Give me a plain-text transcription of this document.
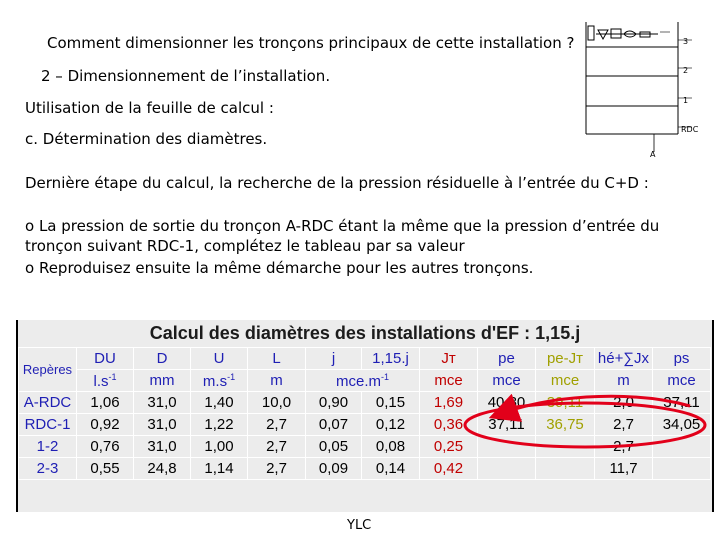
Comment dimensionner les tronçons principaux de cette installation ?
2 – Dimensionnement de l’installation.
Utilisation de la feuille de calcul :
c. Détermination des diamètres.
Dernière étape du calcul, la recherche de la pression résiduelle à l’entrée du C+D :
o La pression de sortie du tronçon A-RDC étant la même que la pression d’entrée du
tronçon suivant RDC-1, complétez le tableau par sa valeur
o Reproduisez ensuite la même démarche pour les autres tronçons.
3
2
1
RDC
A
Calcul des diamètres des installations d'EF : 1,15.j
Repères	DU	D	U	L	j	1,15.j	Jт	pe	pe-Jт	hé+∑Jx	ps
	$l.s^{-1}$	mm	$m.s^{-1}$	m	$mce.m^{-1}$		mce	mce	mce	m	mce
A-RDC	1,06	31,0	1,40	10,0	0,90	0,15	1,69	40,80	39,11	2,0	37,11
RDC-1	0,92	31,0	1,22	2,7	0,07	0,12	0,36	37,11	36,75	2,7	34,05
1-2	0,76	31,0	1,00	2,7	0,05	0,08	0,25			2,7	
2-3	0,55	24,8	1,14	2,7	0,09	0,14	0,42			11,7	
YLC
